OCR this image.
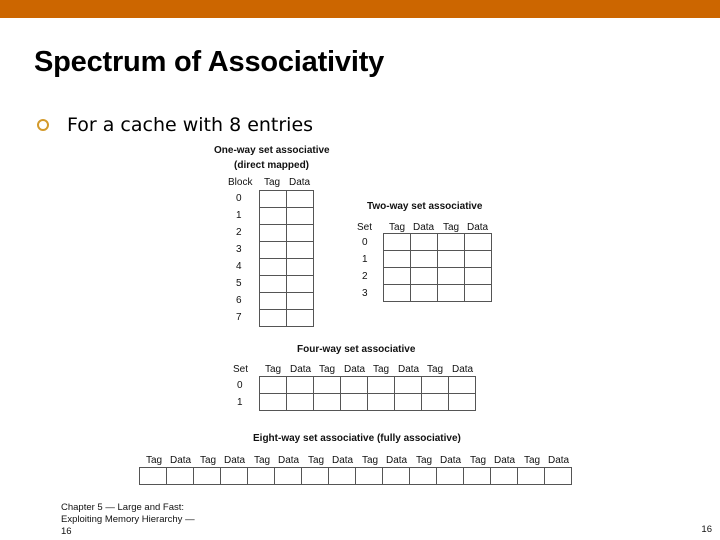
Spectrum of Associativity
For a cache with 8 entries
One-way set associative
(direct mapped)
Block Tag Data
0
1
2
3
4
5
6
7

Two-way set associative
Set Tag Data Tag Data
0
1
2
3

Four-way set associative
Set Tag Data Tag Data Tag Data Tag Data
0
1

Eight-way set associative (fully associative)
Tag Data Tag Data Tag Data Tag Data Tag Data Tag Data Tag Data Tag Data

Chapter 5 — Large and Fast: Exploiting Memory Hierarchy — 16	16
